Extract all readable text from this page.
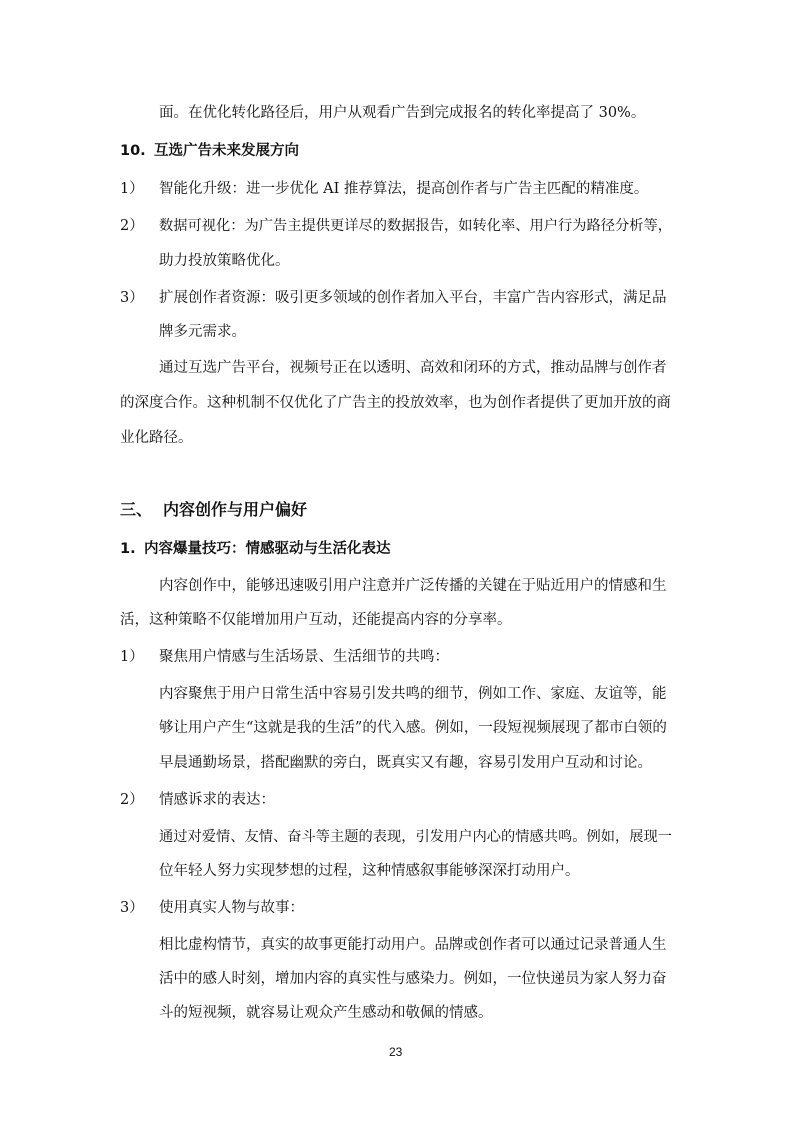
面。在优化转化路径后，用户从观看广告到完成报名的转化率提高了 30%。
10. 互选广告未来发展方向
1） 智能化升级：进一步优化 AI 推荐算法，提高创作者与广告主匹配的精准度。
2） 数据可视化：为广告主提供更详尽的数据报告，如转化率、用户行为路径分析等，
助力投放策略优化。
3） 扩展创作者资源：吸引更多领域的创作者加入平台，丰富广告内容形式，满足品
牌多元需求。
通过互选广告平台，视频号正在以透明、高效和闭环的方式，推动品牌与创作者
的深度合作。这种机制不仅优化了广告主的投放效率，也为创作者提供了更加开放的商
业化路径。
三、 内容创作与用户偏好
1. 内容爆量技巧：情感驱动与生活化表达
内容创作中，能够迅速吸引用户注意并广泛传播的关键在于贴近用户的情感和生
活，这种策略不仅能增加用户互动，还能提高内容的分享率。
1） 聚焦用户情感与生活场景、生活细节的共鸣：
内容聚焦于用户日常生活中容易引发共鸣的细节，例如工作、家庭、友谊等，能
够让用户产生“这就是我的生活”的代入感。例如，一段短视频展现了都市白领的
早晨通勤场景，搭配幽默的旁白，既真实又有趣，容易引发用户互动和讨论。
2） 情感诉求的表达：
通过对爱情、友情、奋斗等主题的表现，引发用户内心的情感共鸣。例如，展现一
位年轻人努力实现梦想的过程，这种情感叙事能够深深打动用户。
3） 使用真实人物与故事：
相比虚构情节，真实的故事更能打动用户。品牌或创作者可以通过记录普通人生
活中的感人时刻，增加内容的真实性与感染力。例如，一位快递员为家人努力奋
斗的短视频，就容易让观众产生感动和敬佩的情感。
23
